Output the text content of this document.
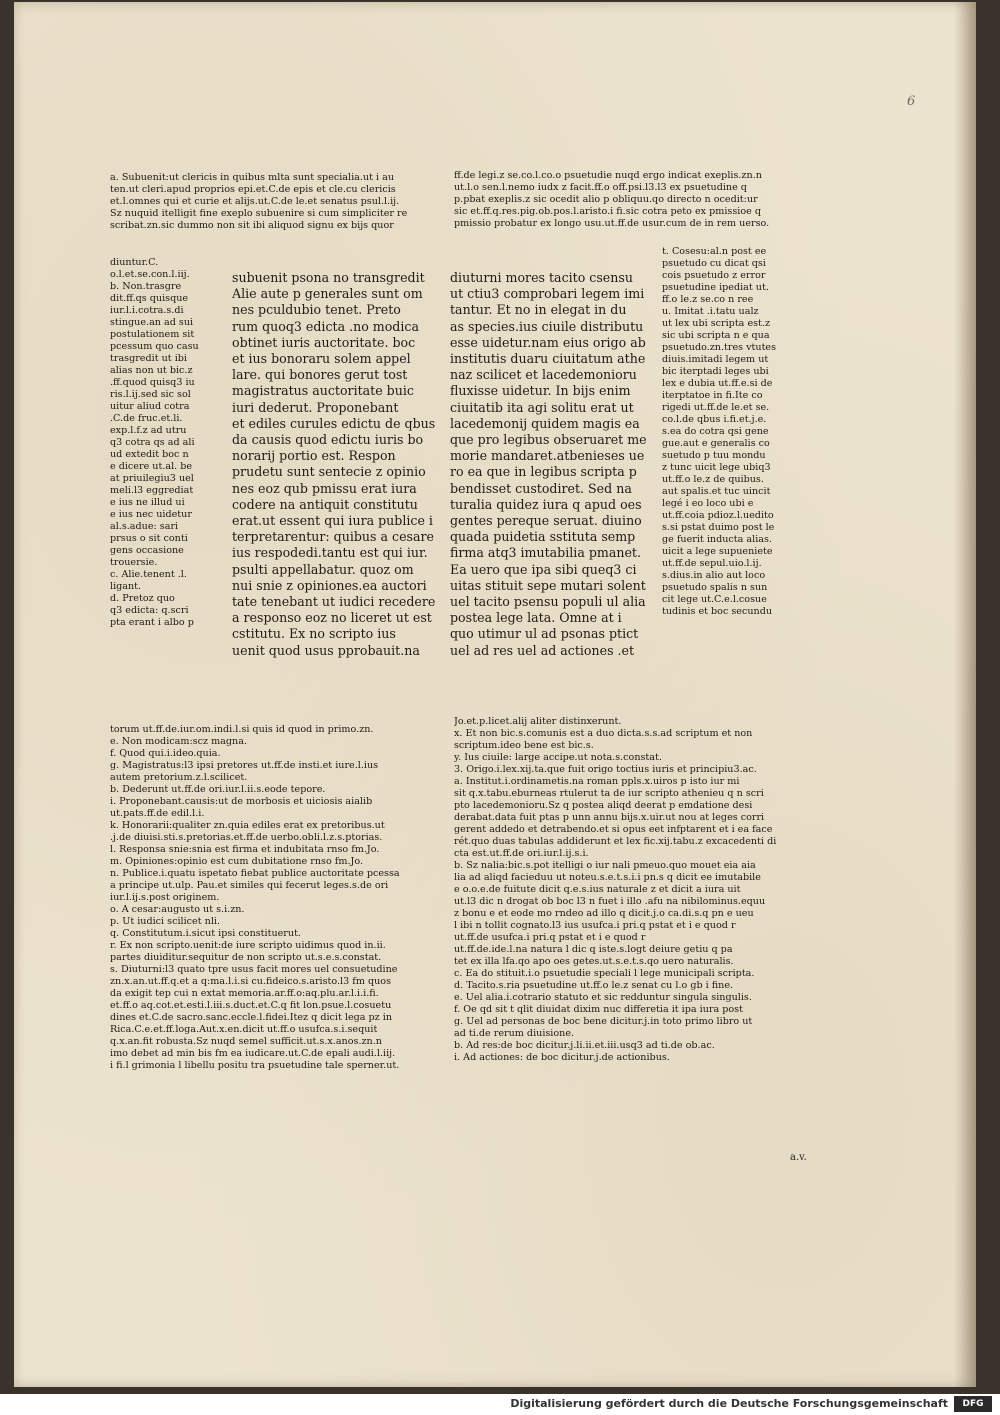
6
a. Subuenit:ut clericis in quibus mlta sunt specialia.ut i au
ten.ut cleri.apud proprios epi.et.C.de epis et cle.cu clericis
et.l.omnes qui et curie et alijs.ut.C.de le.et senatus psul.l.ij.
Sz nuquid itelligit fine exeplo subuenire si cum simpliciter re
scribat.zn.sic dummo non sit ibi aliquod signu ex bijs quor
ff.de legi.z se.co.l.co.o psuetudie nuqd ergo indicat exeplis.zn.n
ut.l.o sen.l.nemo iudx z facit.ff.o off.psi.l3.l3 ex psuetudine q
p.pbat exeplis.z sic ocedit alio p obliquu.qo directo n ocedit:ur
sic et.ff.q.res.pig.ob.pos.l.aristo.i fi.sic cotra peto ex pmissioe q
pmissio probatur ex longo usu.ut.ff.de usur.cum de in rem uerso.
diuntur.C.
o.l.et.se.con.l.iij.
b. Non.trasgre
dit.ff.qs quisque
iur.l.i.cotra.s.di
stingue.an ad sui
postulationem sit
pcessum quo casu
trasgredit ut ibi
alias non ut bic.z
.ff.quod quisq3 iu
ris.l.ij.sed sic sol
uitur aliud cotra
.C.de fruc.et.li.
exp.l.f.z ad utru
q3 cotra qs ad ali
ud extedit boc n
e dicere ut.al. be
at priuilegiu3 uel
meli.l3 eggrediat
e ius ne illud ui
e ius nec uidetur
al.s.adue: sari
prsus o sit conti
gens occasione
trouersie.
c. Alie.tenent .l.
ligant.
d. Pretoz quo
q3 edicta: q.scri
pta erant i albo p
subuenit psona no transgredit
Alie aute p generales sunt om
nes pculdubio tenet. Preto
rum quoq3 edicta .no modica
obtinet iuris auctoritate. boc
et ius bonoraru solem appel
lare. qui bonores gerut tost
magistratus auctoritate buic
iuri dederut. Proponebant
et ediles curules edictu de qbus
da causis quod edictu iuris bo
norarij portio est. Respon
prudetu sunt sentecie z opinio
nes eoz qub pmissu erat iura
codere na antiquit constitutu
erat.ut essent qui iura publice i
terpretarentur: quibus a cesare
ius respodedi.tantu est qui iur.
psulti appellabatur. quoz om
nui snie z opiniones.ea auctori
tate tenebant ut iudici recedere
a responso eoz no liceret ut est
cstitutu. Ex no scripto ius
uenit quod usus pprobauit.na
diuturni mores tacito csensu
ut ctiu3 comprobari legem imi
tantur. Et no in elegat in du
as species.ius ciuile distributu
esse uidetur.nam eius origo ab
institutis duaru ciuitatum athe
naz scilicet et lacedemonioru
fluxisse uidetur. In bijs enim
ciuitatib ita agi solitu erat ut
lacedemonij quidem magis ea
que pro legibus obseruaret me
morie mandaret.atbenieses ue
ro ea que in legibus scripta p
bendisset custodiret. Sed na
turalia quidez iura q apud oes
gentes pereque seruat. diuino
quada puidetia sstituta semp
firma atq3 imutabilia pmanet.
Ea uero que ipa sibi queq3 ci
uitas stituit sepe mutari solent
uel tacito psensu populi ul alia
postea lege lata. Omne at i
quo utimur ul ad psonas ptict
uel ad res uel ad actiones .et
t. Cosesu:al.n post ee
psuetudo cu dicat qsi
cois psuetudo z error
psuetudine ipediat ut.
ff.o le.z se.co n ree
u. Imitat .i.tatu ualz
ut lex ubi scripta est.z
sic ubi scripta n e qua
psuetudo.zn.tres vtutes
diuis.imitadi legem ut
bic iterptadi leges ubi
lex e dubia ut.ff.e.si de
iterptatoe in fi.Ite co
rigedi ut.ff.de le.et se.
co.l.de qbus i.fi.et.j.e.
s.ea do cotra qsi gene
gue.aut e generalis co
suetudo p tuu mondu
z tunc uicit lege ubiq3
ut.ff.o le.z de quibus.
aut spalis.et tuc uincit
legé i eo loco ubi e
ut.ff.coia pdioz.l.uedito
s.si pstat duimo post le
ge fuerit inducta alias.
uicit a lege supueniete
ut.ff.de sepul.uio.l.ij.
s.dius.in alio aut loco
psuetudo spalis n sun
cit lege ut.C.e.l.cosue
tudinis et boc secundu
torum ut.ff.de.iur.om.indi.l.si quis id quod in primo.zn.
e. Non modicam:scz magna.
f. Quod qui.i.ideo.quia.
g. Magistratus:l3 ipsi pretores ut.ff.de insti.et iure.l.ius
autem pretorium.z.l.scilicet.
b. Dederunt ut.ff.de ori.iur.l.ii.s.eode tepore.
i. Proponebant.causis:ut de morbosis et uiciosis aialib
ut.pats.ff.de edil.l.i.
k. Honorarii:qualiter zn.quia ediles erat ex pretoribus.ut
.j.de diuisi.sti.s.pretorias.et.ff.de uerbo.obli.l.z.s.ptorias.
l. Responsa snie:snia est firma et indubitata rnso fm.Jo.
m. Opiniones:opinio est cum dubitatione rnso fm.Jo.
n. Publice.i.quatu ispetato fiebat publice auctoritate pcessa
a principe ut.ulp. Pau.et similes qui fecerut leges.s.de ori
iur.l.ij.s.post originem.
o. A cesar:augusto ut s.i.zn.
p. Ut iudici scilicet nli.
q. Constitutum.i.sicut ipsi constituerut.
r. Ex non scripto.uenit:de iure scripto uidimus quod in.ii.
partes diuiditur.sequitur de non scripto ut.s.e.s.constat.
s. Diuturni:l3 quato tpre usus facit mores uel consuetudine
zn.x.an.ut.ff.q.et a q:ma.l.i.si cu.fideico.s.aristo.l3 fm quos
da exigit tep cui n extat memoria.ar.ff.o:aq.plu.ar.l.i.i.fi.
et.ff.o aq.cot.et.esti.l.iii.s.duct.et.C.q fit lon.psue.l.cosuetu
dines et.C.de sacro.sanc.eccle.l.fidei.Itez q dicit lega pz in
Rica.C.e.et.ff.loga.Aut.x.en.dicit ut.ff.o usufca.s.i.sequit
q.x.an.fit robusta.Sz nuqd semel sufficit.ut.s.x.anos.zn.n
imo debet ad min bis fm ea iudicare.ut.C.de epali audi.l.iij.
i fi.l grimonia l libellu positu tra psuetudine tale sperner.ut.
Jo.et.p.licet.alij aliter distinxerunt.
x. Et non bic.s.comunis est a duo dicta.s.s.ad scriptum et non
scriptum.ideo bene est bic.s.
y. Ius ciuile: large accipe.ut nota.s.constat.
3. Origo.i.lex.xij.ta.que fuit origo toctius iuris et principiu3.ac.
a. Institut.i.ordinametis.na roman ppls.x.uiros p isto iur mi
sit q.x.tabu.eburneas rtulerut ta de iur scripto athenieu q n scri
pto lacedemonioru.Sz q postea aliqd deerat p emdatione desi
derabat.data fuit ptas p unn annu bijs.x.uir.ut nou at leges corri
gerent addedo et detrabendo.et si opus eet infptarent et i ea face
rét.quo duas tabulas addiderunt et lex fic.xij.tabu.z excacedenti di
cta est.ut.ff.de ori.iur.l.ij.s.i.
b. Sz nalia:bic.s.pot itelligi o iur nali pmeuo.quo mouet eia aia
lia ad aliqd facieduu ut noteu.s.e.t.s.i.i pn.s q dicit ee imutabile
e o.o.e.de fuitute dicit q.e.s.ius naturale z et dicit a iura uit
ut.l3 dic n drogat ob boc l3 n fuet i illo .afu na nibilominus.equu
z bonu e et eode mo rndeo ad illo q dicit.j.o ca.di.s.q pn e ueu
l ibi n tollit cognato.l3 ius usufca.i pri.q pstat et i e quod r
ut.ff.de usufca.i pri.q pstat et i e quod r
ut.ff.de.ide.l.na natura l dic q iste.s.logt deiure getiu q pa
tet ex illa lfa.qo apo oes getes.ut.s.e.t.s.qo uero naturalis.
c. Ea do stituit.i.o psuetudie speciali l lege municipali scripta.
d. Tacito.s.ria psuetudine ut.ff.o le.z senat cu l.o gb i fine.
e. Uel alia.i.cotrario statuto et sic redduntur singula singulis.
f. Oe qd sit t qlit diuidat dixim nuc differetia it ipa iura post
g. Uel ad personas de boc bene dicitur.j.in toto primo libro ut
ad ti.de rerum diuisione.
b. Ad res:de boc dicitur.j.li.ii.et.iii.usq3 ad ti.de ob.ac.
i. Ad actiones: de boc dicitur.j.de actionibus.
a.v.
Digitalisierung gefördert durch die Deutsche Forschungsgemeinschaft	DFG
